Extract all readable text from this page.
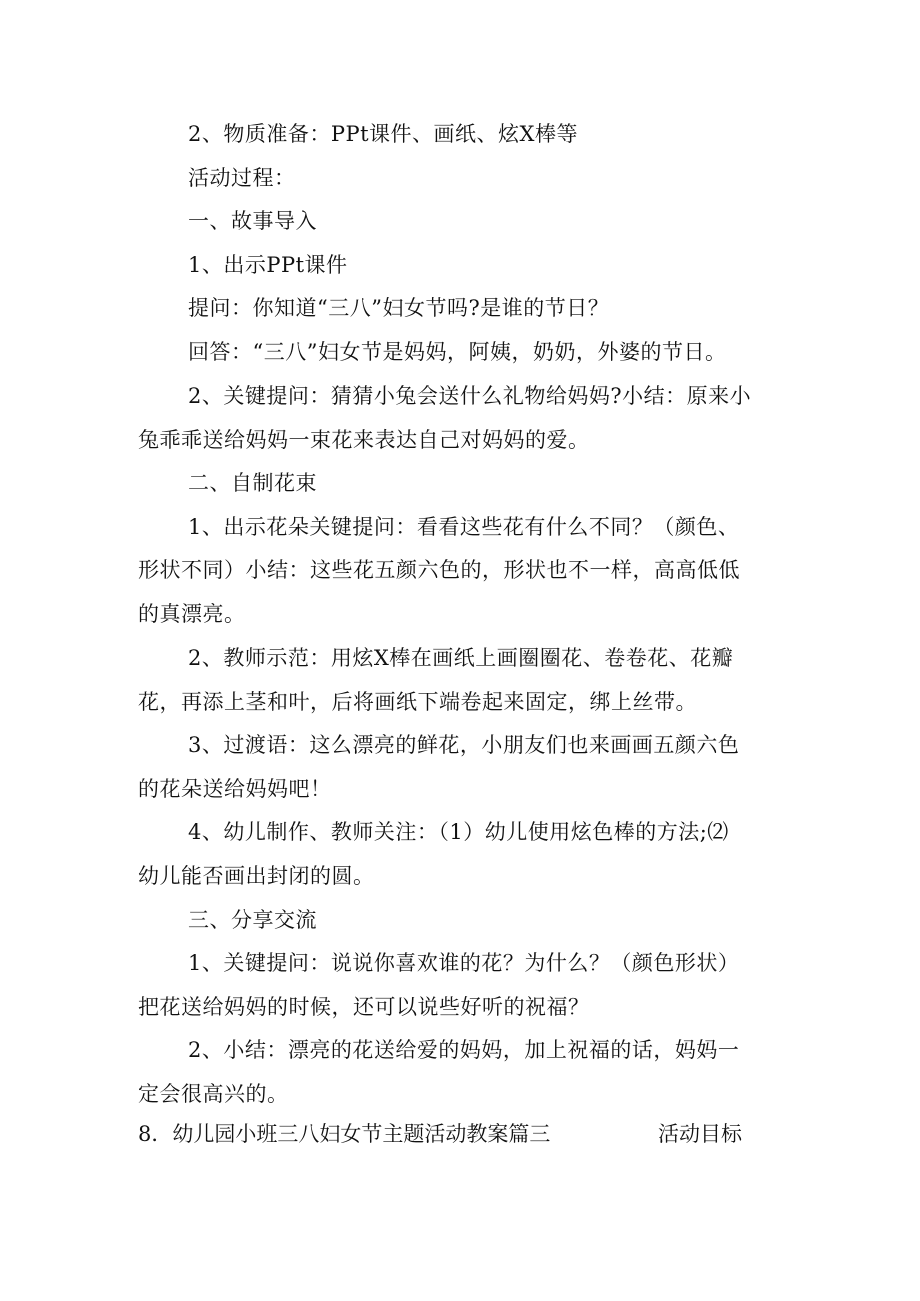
2、物质准备：PPt课件、画纸、炫X棒等
活动过程：
一、故事导入
1、出示PPt课件
提问：你知道“三八”妇女节吗?是谁的节日？
回答：“三八”妇女节是妈妈，阿姨，奶奶，外婆的节日。
2、关键提问：猜猜小兔会送什么礼物给妈妈?小结：原来小
兔乖乖送给妈妈一束花来表达自己对妈妈的爱。
二、自制花束
1、出示花朵关键提问：看看这些花有什么不同？（颜色、
形状不同）小结：这些花五颜六色的，形状也不一样，高高低低
的真漂亮。
2、教师示范：用炫X棒在画纸上画圈圈花、卷卷花、花瓣
花，再添上茎和叶，后将画纸下端卷起来固定，绑上丝带。
3、过渡语：这么漂亮的鲜花，小朋友们也来画画五颜六色
的花朵送给妈妈吧！
4、幼儿制作、教师关注：（1）幼儿使用炫色棒的方法;⑵
幼儿能否画出封闭的圆。
三、分享交流
1、关键提问：说说你喜欢谁的花？为什么？（颜色形状）
把花送给妈妈的时候，还可以说些好听的祝福？
2、小结：漂亮的花送给爱的妈妈，加上祝福的话，妈妈一
定会很高兴的。
8．幼儿园小班三八妇女节主题活动教案篇三	活动目标
